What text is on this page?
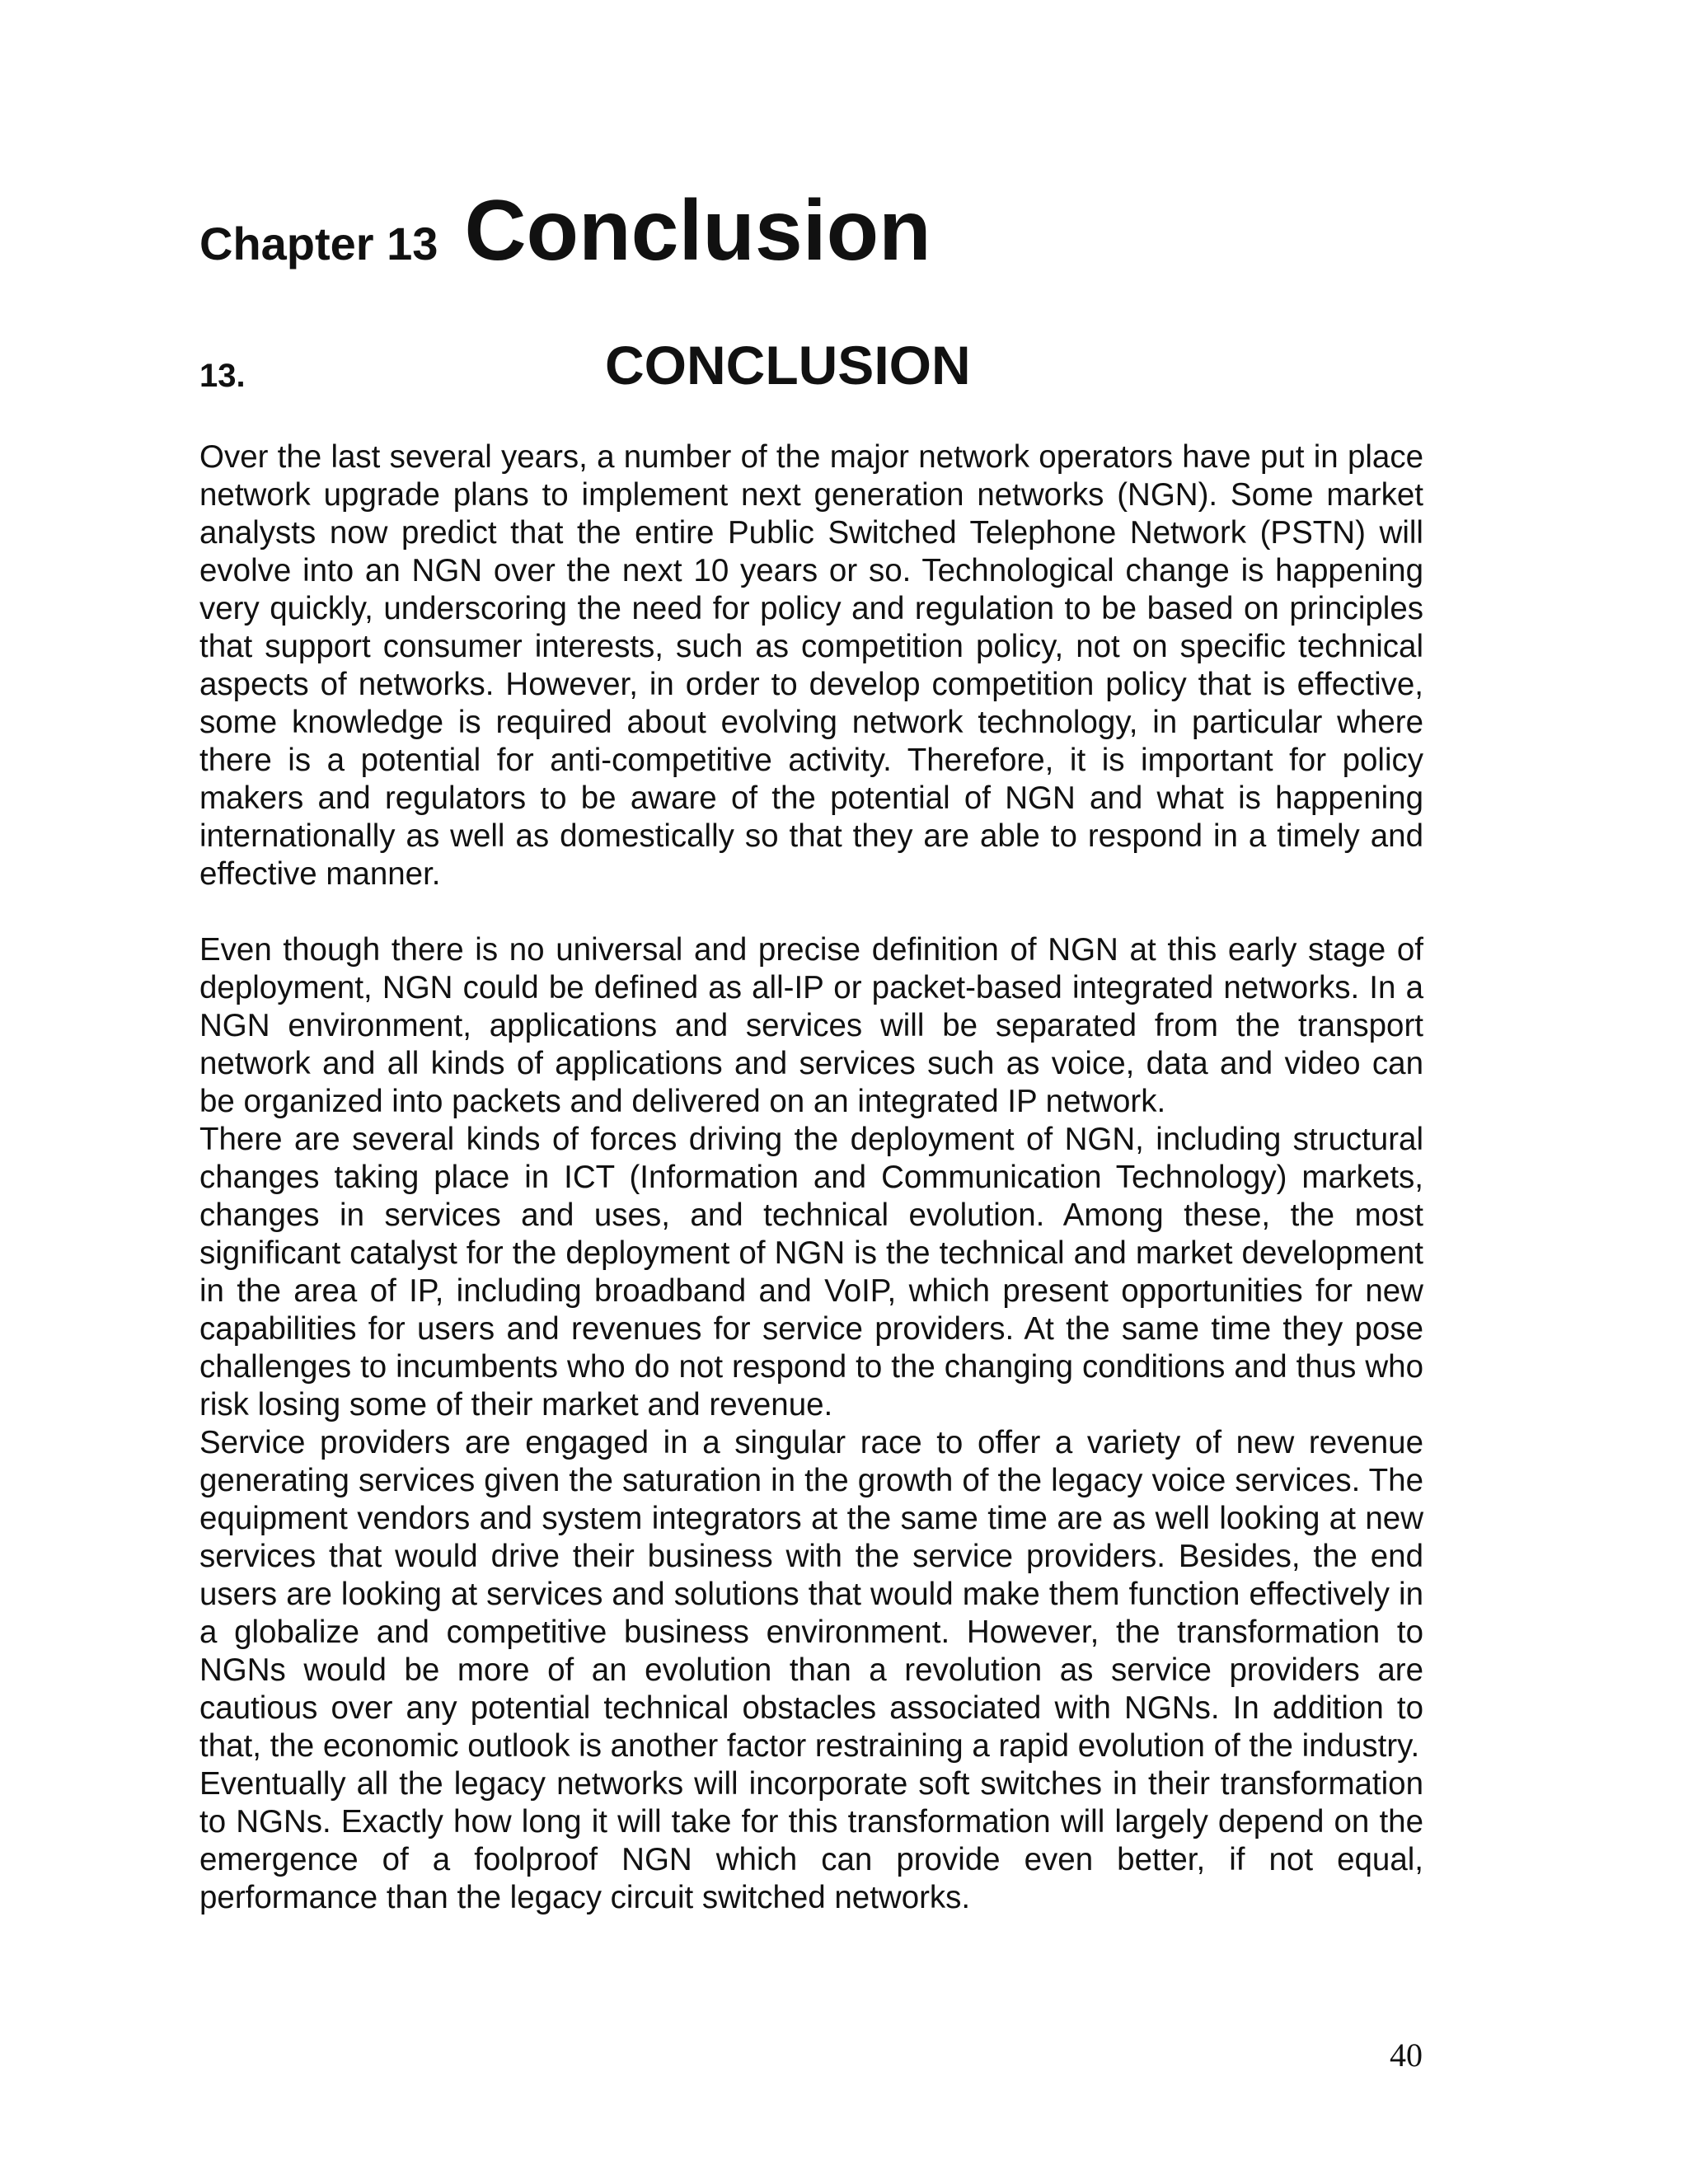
Chapter 13 Conclusion
13.	CONCLUSION

Over the last several years, a number of the major network operators have put in place network upgrade plans to implement next generation networks (NGN). Some market analysts now predict that the entire Public Switched Telephone Network (PSTN) will evolve into an NGN over the next 10 years or so. Technological change is happening very quickly, underscoring the need for policy and regulation to be based on principles that support consumer interests, such as competition policy, not on specific technical aspects of networks. However, in order to develop competition policy that is effective, some knowledge is required about evolving network technology, in particular where there is a potential for anti-competitive activity. Therefore, it is important for policy makers and regulators to be aware of the potential of NGN and what is happening internationally as well as domestically so that they are able to respond in a timely and effective manner.

Even though there is no universal and precise definition of NGN at this early stage of deployment, NGN could be defined as all-IP or packet-based integrated networks. In a NGN environment, applications and services will be separated from the transport network and all kinds of applications and services such as voice, data and video can be organized into packets and delivered on an integrated IP network.

There are several kinds of forces driving the deployment of NGN, including structural changes taking place in ICT (Information and Communication Technology) markets, changes in services and uses, and technical evolution. Among these, the most significant catalyst for the deployment of NGN is the technical and market development in the area of IP, including broadband and VoIP, which present opportunities for new capabilities for users and revenues for service providers. At the same time they pose challenges to incumbents who do not respond to the changing conditions and thus who risk losing some of their market and revenue.

Service providers are engaged in a singular race to offer a variety of new revenue generating services given the saturation in the growth of the legacy voice services. The equipment vendors and system integrators at the same time are as well looking at new services that would drive their business with the service providers. Besides, the end users are looking at services and solutions that would make them function effectively in a globalize and competitive business environment. However, the transformation to NGNs would be more of an evolution than a revolution as service providers are cautious over any potential technical obstacles associated with NGNs. In addition to that, the economic outlook is another factor restraining a rapid evolution of the industry.

Eventually all the legacy networks will incorporate soft switches in their transformation to NGNs. Exactly how long it will take for this transformation will largely depend on the emergence of a foolproof NGN which can provide even better, if not equal, performance than the legacy circuit switched networks.

40
